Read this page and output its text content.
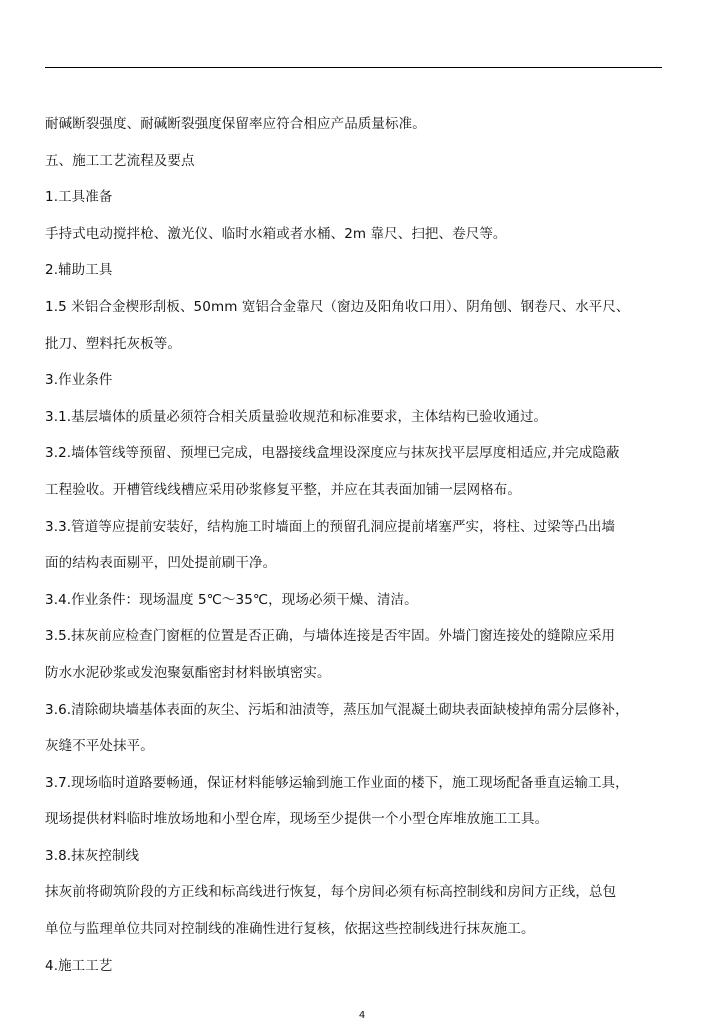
耐碱断裂强度、耐碱断裂强度保留率应符合相应产品质量标准。
五、施工工艺流程及要点
1.工具准备
手持式电动搅拌枪、激光仪、临时水箱或者水桶、2m 靠尺、扫把、卷尺等。
2.辅助工具
1.5 米铝合金楔形刮板、50mm 宽铝合金靠尺（窗边及阳角收口用）、阴角刨、钢卷尺、水平尺、
批刀、塑料托灰板等。
3.作业条件
3.1.基层墙体的质量必须符合相关质量验收规范和标准要求，主体结构已验收通过。
3.2.墙体管线等预留、预埋已完成，电器接线盒埋设深度应与抹灰找平层厚度相适应,并完成隐蔽
工程验收。开槽管线线槽应采用砂浆修复平整，并应在其表面加铺一层网格布。
3.3.管道等应提前安装好，结构施工时墙面上的预留孔洞应提前堵塞严实，将柱、过梁等凸出墙
面的结构表面剔平，凹处提前刷干净。
3.4.作业条件：现场温度 5℃～35℃，现场必须干燥、清洁。
3.5.抹灰前应检查门窗框的位置是否正确，与墙体连接是否牢固。外墙门窗连接处的缝隙应采用
防水水泥砂浆或发泡聚氨酯密封材料嵌填密实。
3.6.清除砌块墙基体表面的灰尘、污垢和油渍等，蒸压加气混凝土砌块表面缺棱掉角需分层修补，
灰缝不平处抹平。
3.7.现场临时道路要畅通，保证材料能够运输到施工作业面的楼下，施工现场配备垂直运输工具，
现场提供材料临时堆放场地和小型仓库，现场至少提供一个小型仓库堆放施工工具。
3.8.抹灰控制线
抹灰前将砌筑阶段的方正线和标高线进行恢复，每个房间必须有标高控制线和房间方正线，总包
单位与监理单位共同对控制线的准确性进行复核，依据这些控制线进行抹灰施工。
4.施工工艺
4
